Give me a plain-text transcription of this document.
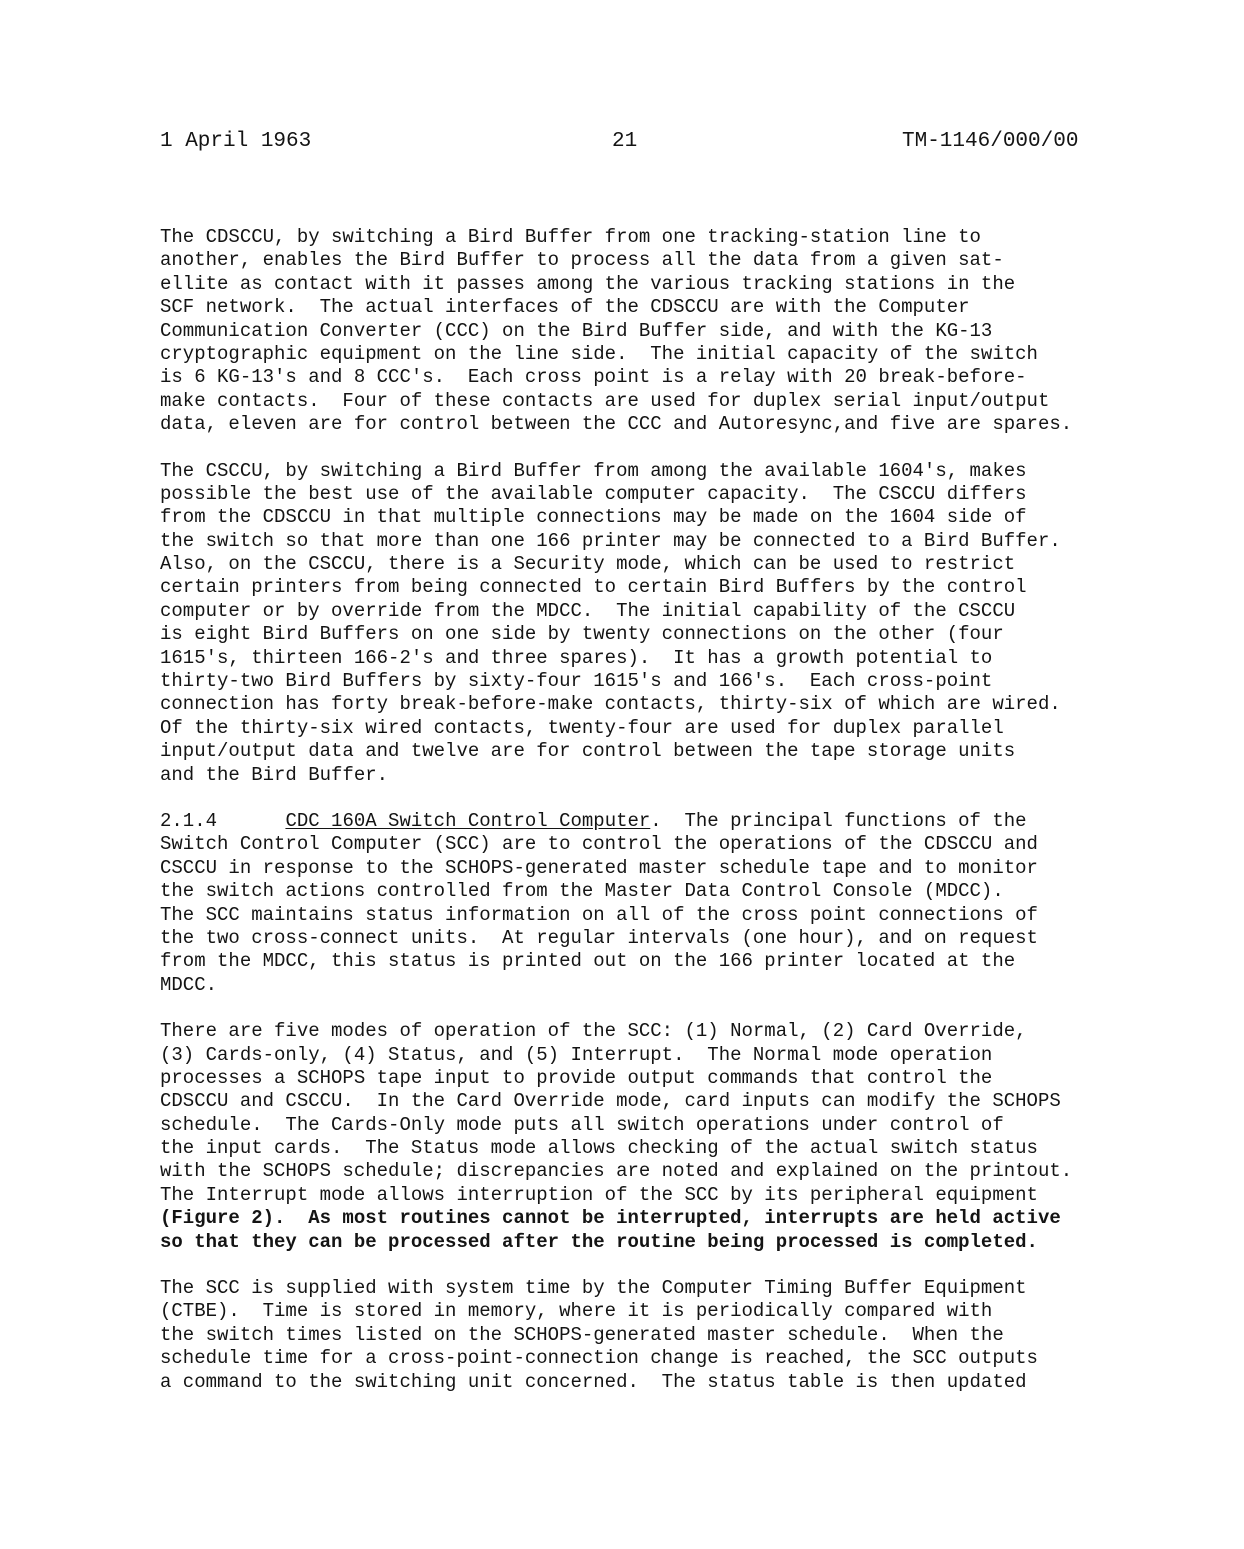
1 April 1963	21	TM-1146/000/00
The CDSCCU, by switching a Bird Buffer from one tracking-station line to
another, enables the Bird Buffer to process all the data from a given sat-
ellite as contact with it passes among the various tracking stations in the
SCF network.  The actual interfaces of the CDSCCU are with the Computer
Communication Converter (CCC) on the Bird Buffer side, and with the KG-13
cryptographic equipment on the line side.  The initial capacity of the switch
is 6 KG-13's and 8 CCC's.  Each cross point is a relay with 20 break-before-
make contacts.  Four of these contacts are used for duplex serial input/output
data, eleven are for control between the CCC and Autoresync,and five are spares.
The CSCCU, by switching a Bird Buffer from among the available 1604's, makes
possible the best use of the available computer capacity.  The CSCCU differs
from the CDSCCU in that multiple connections may be made on the 1604 side of
the switch so that more than one 166 printer may be connected to a Bird Buffer.
Also, on the CSCCU, there is a Security mode, which can be used to restrict
certain printers from being connected to certain Bird Buffers by the control
computer or by override from the MDCC.  The initial capability of the CSCCU
is eight Bird Buffers on one side by twenty connections on the other (four
1615's, thirteen 166-2's and three spares).  It has a growth potential to
thirty-two Bird Buffers by sixty-four 1615's and 166's.  Each cross-point
connection has forty break-before-make contacts, thirty-six of which are wired.
Of the thirty-six wired contacts, twenty-four are used for duplex parallel
input/output data and twelve are for control between the tape storage units
and the Bird Buffer.
2.1.4	CDC 160A Switch Control Computer.  The principal functions of the
Switch Control Computer (SCC) are to control the operations of the CDSCCU and
CSCCU in response to the SCHOPS-generated master schedule tape and to monitor
the switch actions controlled from the Master Data Control Console (MDCC).
The SCC maintains status information on all of the cross point connections of
the two cross-connect units.  At regular intervals (one hour), and on request
from the MDCC, this status is printed out on the 166 printer located at the
MDCC.
There are five modes of operation of the SCC: (1) Normal, (2) Card Override,
(3) Cards-only, (4) Status, and (5) Interrupt.  The Normal mode operation
processes a SCHOPS tape input to provide output commands that control the
CDSCCU and CSCCU.  In the Card Override mode, card inputs can modify the SCHOPS
schedule.  The Cards-Only mode puts all switch operations under control of
the input cards.  The Status mode allows checking of the actual switch status
with the SCHOPS schedule; discrepancies are noted and explained on the printout.
The Interrupt mode allows interruption of the SCC by its peripheral equipment
(Figure 2).  As most routines cannot be interrupted, interrupts are held active
so that they can be processed after the routine being processed is completed.
The SCC is supplied with system time by the Computer Timing Buffer Equipment
(CTBE).  Time is stored in memory, where it is periodically compared with
the switch times listed on the SCHOPS-generated master schedule.  When the
schedule time for a cross-point-connection change is reached, the SCC outputs
a command to the switching unit concerned.  The status table is then updated
